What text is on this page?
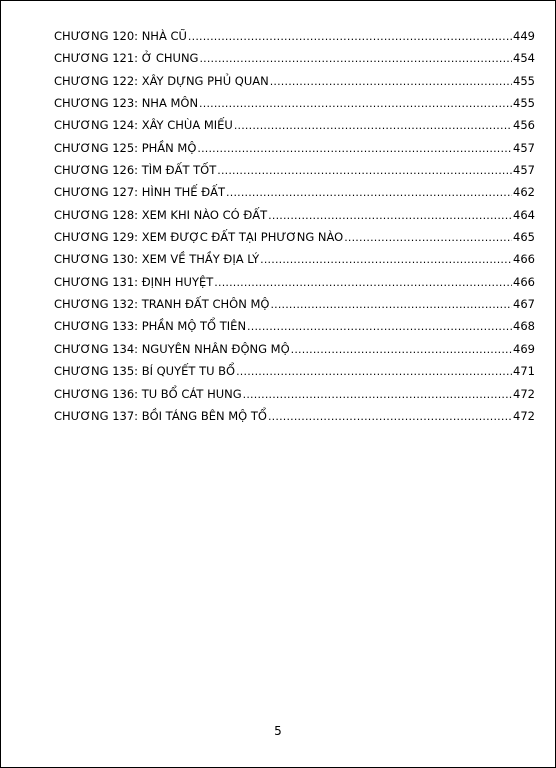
CHƯƠNG 120: NHÀ CŨ .....	449
CHƯƠNG 121: Ở CHUNG .....	454
CHƯƠNG 122: XÂY DỰNG PHỦ QUAN .....	455
CHƯƠNG 123: NHA MÔN .....	455
CHƯƠNG 124: XÂY CHÙA MIẾU .....	456
CHƯƠNG 125: PHẦN MỘ .....	457
CHƯƠNG 126: TÌM ĐẤT TỐT .....	457
CHƯƠNG 127: HÌNH THẾ ĐẤT .....	462
CHƯƠNG 128: XEM KHI NÀO CÓ ĐẤT .....	464
CHƯƠNG 129: XEM ĐƯỢC ĐẤT TẠI PHƯƠNG NÀO .....	465
CHƯƠNG 130: XEM VỀ THẦY ĐỊA LÝ .....	466
CHƯƠNG 131: ĐỊNH HUYỆT .....	466
CHƯƠNG 132: TRANH ĐẤT CHÔN MỘ .....	467
CHƯƠNG 133: PHẦN MỘ TỔ TIÊN .....	468
CHƯƠNG 134: NGUYÊN NHÂN ĐỘNG MỘ .....	469
CHƯƠNG 135: BÍ QUYẾT TU BỔ .....	471
CHƯƠNG 136: TU BỔ CÁT HUNG .....	472
CHƯƠNG 137: BỒI TÁNG BÊN MỘ TỔ .....	472
5
